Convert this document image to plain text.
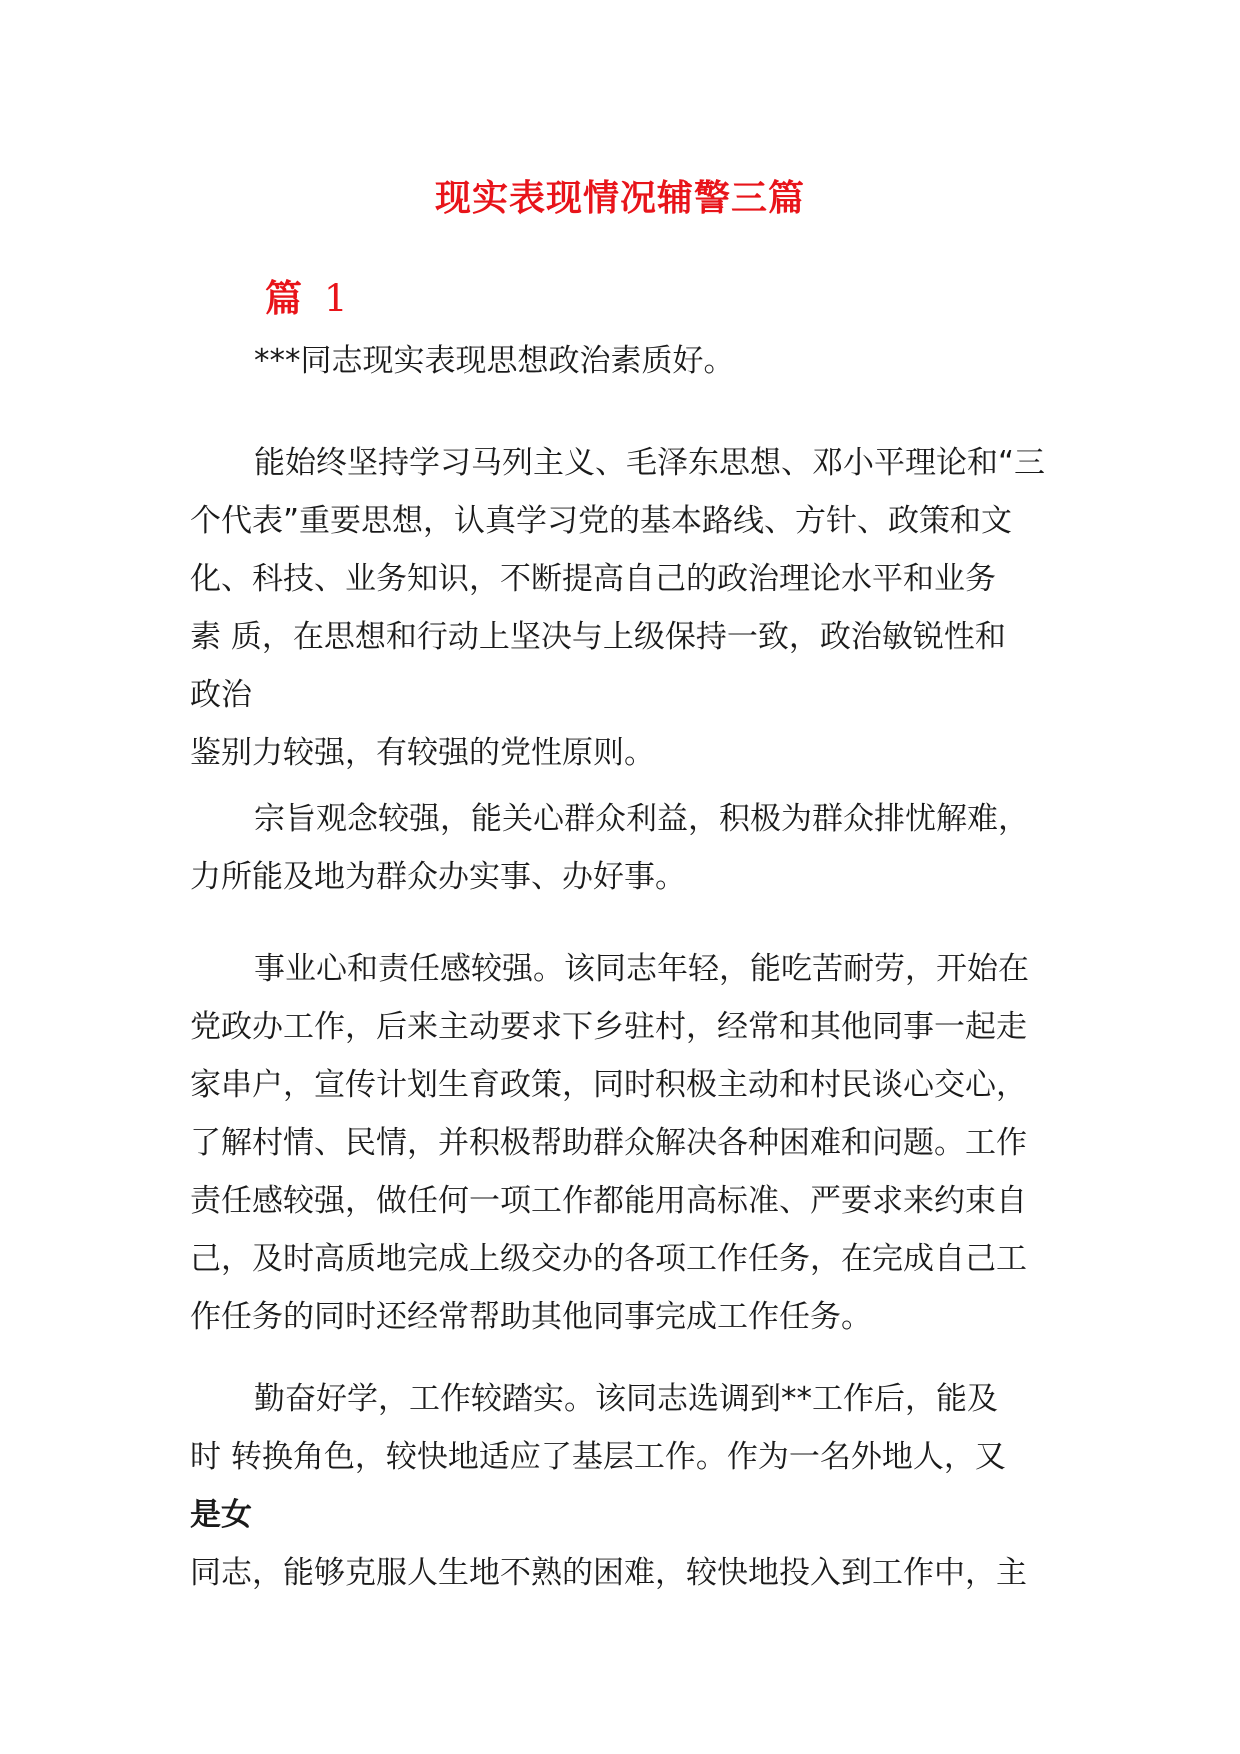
现实表现情况辅警三篇
篇 1

***同志现实表现思想政治素质好。

能始终坚持学习马列主义、毛泽东思想、邓小平理论和“三
个代表”重要思想，认真学习党的基本路线、方针、政策和文
化、科技、业务知识，不断提高自己的政治理论水平和业务
素 质，在思想和行动上坚决与上级保持一致，政治敏锐性和
政治
鉴别力较强，有较强的党性原则。

宗旨观念较强，能关心群众利益，积极为群众排忧解难，
力所能及地为群众办实事、办好事。

事业心和责任感较强。该同志年轻，能吃苦耐劳，开始在
党政办工作，后来主动要求下乡驻村，经常和其他同事一起走
家串户，宣传计划生育政策，同时积极主动和村民谈心交心，
了解村情、民情，并积极帮助群众解决各种困难和问题。工作
责任感较强，做任何一项工作都能用高标准、严要求来约束自
己，及时高质地完成上级交办的各项工作任务，在完成自己工
作任务的同时还经常帮助其他同事完成工作任务。

勤奋好学，工作较踏实。该同志选调到**工作后，能及
时 转换角色，较快地适应了基层工作。作为一名外地人，又
是女
同志，能够克服人生地不熟的困难，较快地投入到工作中，主
